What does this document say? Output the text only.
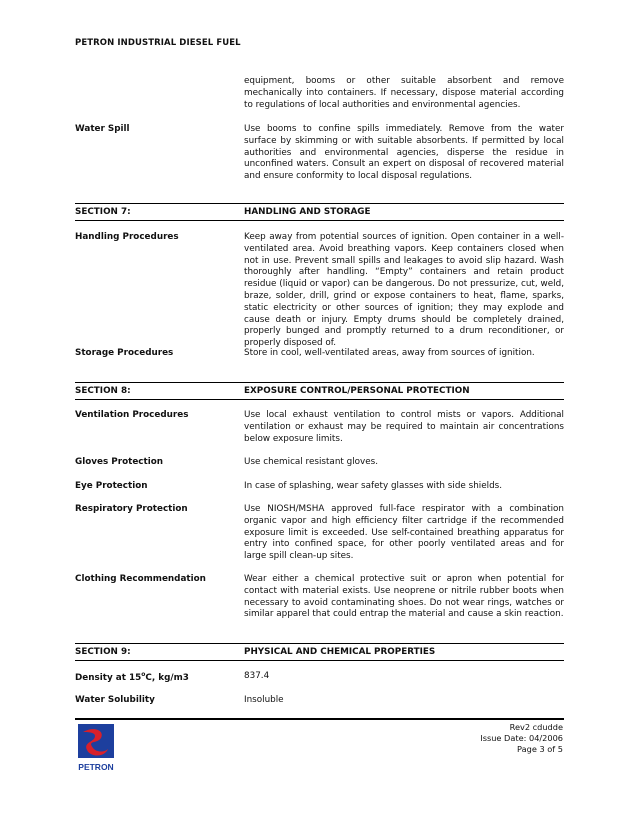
PETRON INDUSTRIAL DIESEL FUEL
equipment, booms or other suitable absorbent and remove mechanically into containers. If necessary, dispose material according to regulations of local authorities and environmental agencies.
Water Spill	Use booms to confine spills immediately. Remove from the water surface by skimming or with suitable absorbents. If permitted by local authorities and environmental agencies, disperse the residue in unconfined waters. Consult an expert on disposal of recovered material and ensure conformity to local disposal regulations.
SECTION 7:	HANDLING AND STORAGE
Handling Procedures	Keep away from potential sources of ignition. Open container in a well-ventilated area. Avoid breathing vapors. Keep containers closed when not in use. Prevent small spills and leakages to avoid slip hazard. Wash thoroughly after handling. “Empty” containers and retain product residue (liquid or vapor) can be dangerous. Do not pressurize, cut, weld, braze, solder, drill, grind or expose containers to heat, flame, sparks, static electricity or other sources of ignition; they may explode and cause death or injury. Empty drums should be completely drained, properly bunged and promptly returned to a drum reconditioner, or properly disposed of.
Storage Procedures	Store in cool, well-ventilated areas, away from sources of ignition.
SECTION 8:	EXPOSURE CONTROL/PERSONAL PROTECTION
Ventilation Procedures	Use local exhaust ventilation to control mists or vapors. Additional ventilation or exhaust may be required to maintain air concentrations below exposure limits.
Gloves Protection	Use chemical resistant gloves.
Eye Protection	In case of splashing, wear safety glasses with side shields.
Respiratory Protection	Use NIOSH/MSHA approved full-face respirator with a combination organic vapor and high efficiency filter cartridge if the recommended exposure limit is exceeded. Use self-contained breathing apparatus for entry into confined space, for other poorly ventilated areas and for large spill clean-up sites.
Clothing Recommendation	Wear either a chemical protective suit or apron when potential for contact with material exists. Use neoprene or nitrile rubber boots when necessary to avoid contaminating shoes. Do not wear rings, watches or similar apparel that could entrap the material and cause a skin reaction.
SECTION 9:	PHYSICAL AND CHEMICAL PROPERTIES
Density at 15$^o$C, kg/m3	837.4
Water Solubility	Insoluble
PETRON
Rev2 cdudde
Issue Date: 04/2006
Page 3 of 5
